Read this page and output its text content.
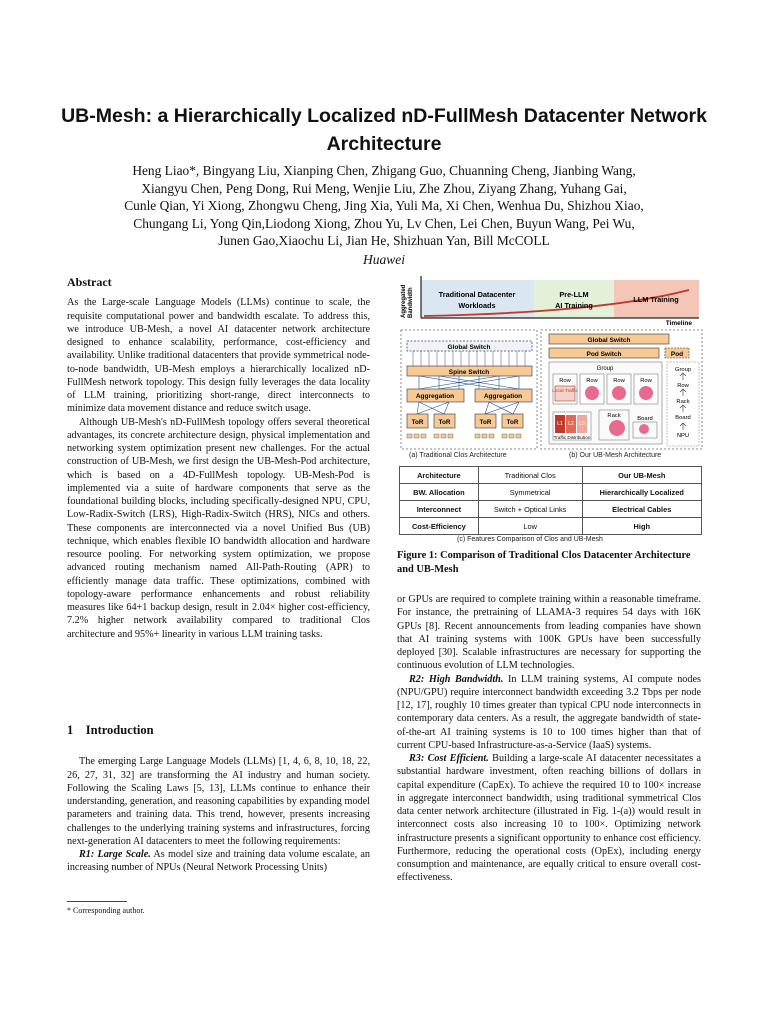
UB-Mesh: a Hierarchically Localized nD-FullMesh Datacenter Network Architecture
Heng Liao*, Bingyang Liu, Xianping Chen, Zhigang Guo, Chuanning Cheng, Jianbing Wang,
Xiangyu Chen, Peng Dong, Rui Meng, Wenjie Liu, Zhe Zhou, Ziyang Zhang, Yuhang Gai,
Cunle Qian, Yi Xiong, Zhongwu Cheng, Jing Xia, Yuli Ma, Xi Chen, Wenhua Du, Shizhou Xiao,
Chungang Li, Yong Qin,Liodong Xiong, Zhou Yu, Lv Chen, Lei Chen, Buyun Wang, Pei Wu,
Junen Gao,Xiaochu Li, Jian He, Shizhuan Yan, Bill McCOLL
Huawei
Abstract

As the Large-scale Language Models (LLMs) continue to scale, the requisite computational power and bandwidth escalate. To address this, we introduce UB-Mesh, a novel AI datacenter network architecture designed to enhance scalability, performance, cost-efficiency and availability. Unlike traditional datacenters that provide symmetrical node-to-node bandwidth, UB-Mesh employs a hierarchically localized nD-FullMesh network topology. This design fully leverages the data locality of LLM training, prioritizing short-range, direct interconnects to minimize data movement distance and reduce switch usage.

Although UB-Mesh's nD-FullMesh topology offers several theoretical advantages, its concrete architecture design, physical implementation and networking system optimization present new challenges. For the actual construction of UB-Mesh, we first design the UB-Mesh-Pod architecture, which is based on a 4D-FullMesh topology. UB-Mesh-Pod is implemented via a suite of hardware components that serve as the foundational building blocks, including specifically-designed NPU, CPU, Low-Radix-Switch (LRS), High-Radix-Switch (HRS), NICs and others. These components are interconnected via a novel Unified Bus (UB) technique, which enables flexible IO bandwidth allocation and hardware resource pooling. For networking system optimization, we propose advanced routing mechanism named All-Path-Routing (APR) to efficiently manage data traffic. These optimizations, combined with topology-aware performance enhancements and robust reliability measures like 64+1 backup design, result in 2.04× higher cost-efficiency, 7.2% higher network availability compared to traditional Clos architecture and 95%+ linearity in various LLM training tasks.

1 Introduction

The emerging Large Language Models (LLMs) [1, 4, 6, 8, 10, 18, 22, 26, 27, 31, 32] are transforming the AI industry and human society. Following the Scaling Laws [5, 13], LLMs continue to enhance their understanding, generation, and reasoning capabilities by expanding model parameters and training data. This trend, however, presents increasing challenges to the underlying training systems and infrastructures, forcing next-generation AI datacenters to meet the following requirements:

R1: Large Scale. As model size and training data volume escalate, an increasing number of NPUs (Neural Network Processing Units)

* Corresponding author.

or GPUs are required to complete training within a reasonable timeframe. For instance, the pretraining of LLAMA-3 requires 54 days with 16K GPUs [8]. Recent announcements from leading companies have shown that AI training systems with 100K GPUs have been successfully deployed [30]. Scalable infrastructures are necessary for supporting the continuous evolution of LLM technologies.

R2: High Bandwidth. In LLM training systems, AI compute nodes (NPU/GPU) require interconnect bandwidth exceeding 3.2 Tbps per node [12, 17], roughly 10 times greater than typical CPU node interconnects in contemporary data centers. As a result, the aggregate bandwidth of state-of-the-art AI training systems is 10 to 100 times higher than that of current CPU-based Infrastructure-as-a-Service (IaaS) systems.

R3: Cost Efficient. Building a large-scale AI datacenter necessitates a substantial hardware investment, often reaching billions of dollars in capital expenditure (CapEx). To achieve the required 10 to 100× increase in aggregate interconnect bandwidth, using traditional symmetrical Clos data center network architecture (illustrated in Fig. 1-(a)) would result in interconnect costs also increasing 10 to 100×. Optimizing network infrastructure presents a significant opportunity to enhance cost efficiency. Furthermore, reducing the operational costs (OpEx), including energy consumption and maintenance, are equally critical to ensure overall cost-effectiveness.

Aggregated Bandwidth	Traditional Datacenter
Workloads
Pre-LLM
AI Training
LLM Training
Timeline
Global Switch
Spine Switch
Aggregation	Aggregation
ToR ToR	ToR ToR
Global Switch
Pod Switch	Pod
Group
Row	Row	Row	Row
Local Traffic
L1 L2 L3
Traffic Distribution
Rack	Board
Group
Row
Rack
Board
NPU
(a) Traditional Clos Architecture	(b) Our UB-Mesh Architecture
Architecture	Traditional Clos	Our UB-Mesh
BW. Allocation	Symmetrical	Hierarchically Localized
Interconnect	Switch + Optical Links	Electrical Cables
Cost-Efficiency	Low	High
(c) Features Comparison of Clos and UB-Mesh
Figure 1: Comparison of Traditional Clos Datacenter Architecture and UB-Mesh
